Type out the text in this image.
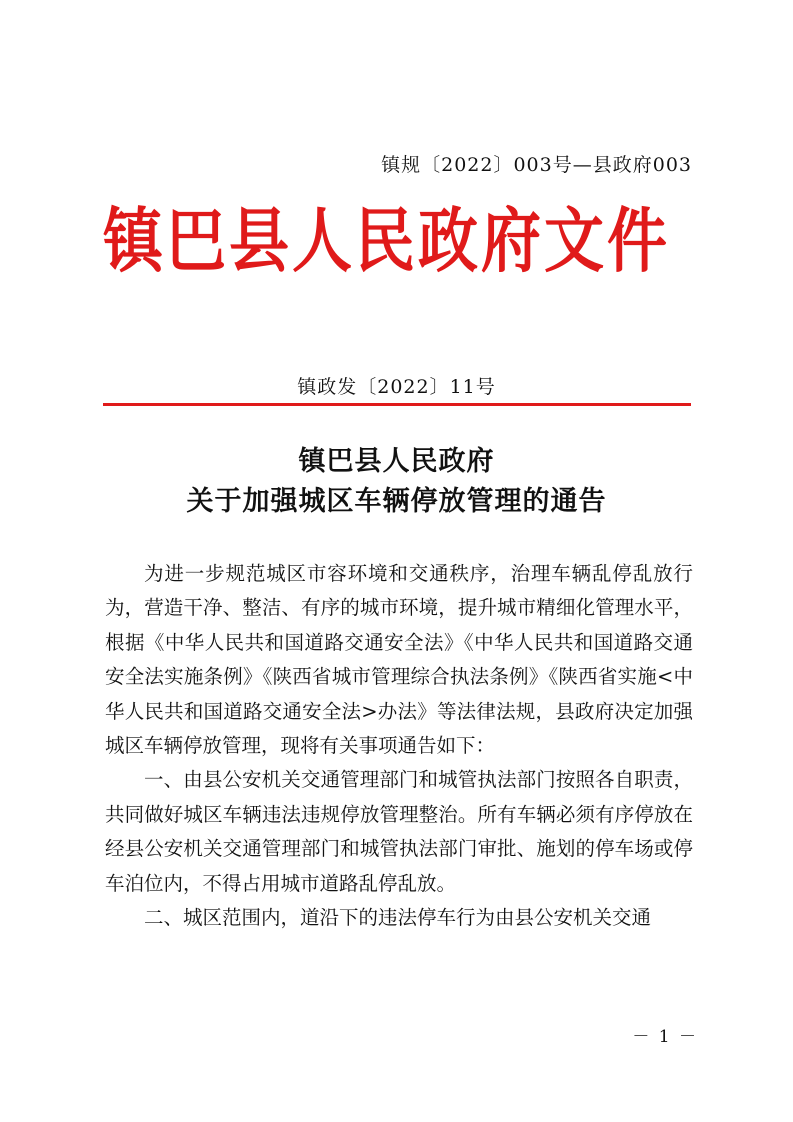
镇规〔2022〕003号—县政府003
镇巴县人民政府文件
镇政发〔2022〕11号
镇巴县人民政府
关于加强城区车辆停放管理的通告

为进一步规范城区市容环境和交通秩序，治理车辆乱停乱放行为，营造干净、整洁、有序的城市环境，提升城市精细化管理水平，根据《中华人民共和国道路交通安全法》《中华人民共和国道路交通安全法实施条例》《陕西省城市管理综合执法条例》《陕西省实施<中华人民共和国道路交通安全法>办法》等法律法规，县政府决定加强城区车辆停放管理，现将有关事项通告如下：

一、由县公安机关交通管理部门和城管执法部门按照各自职责，共同做好城区车辆违法违规停放管理整治。所有车辆必须有序停放在经县公安机关交通管理部门和城管执法部门审批、施划的停车场或停车泊位内，不得占用城市道路乱停乱放。

二、城区范围内，道沿下的违法停车行为由县公安机关交通

－ 1 －
